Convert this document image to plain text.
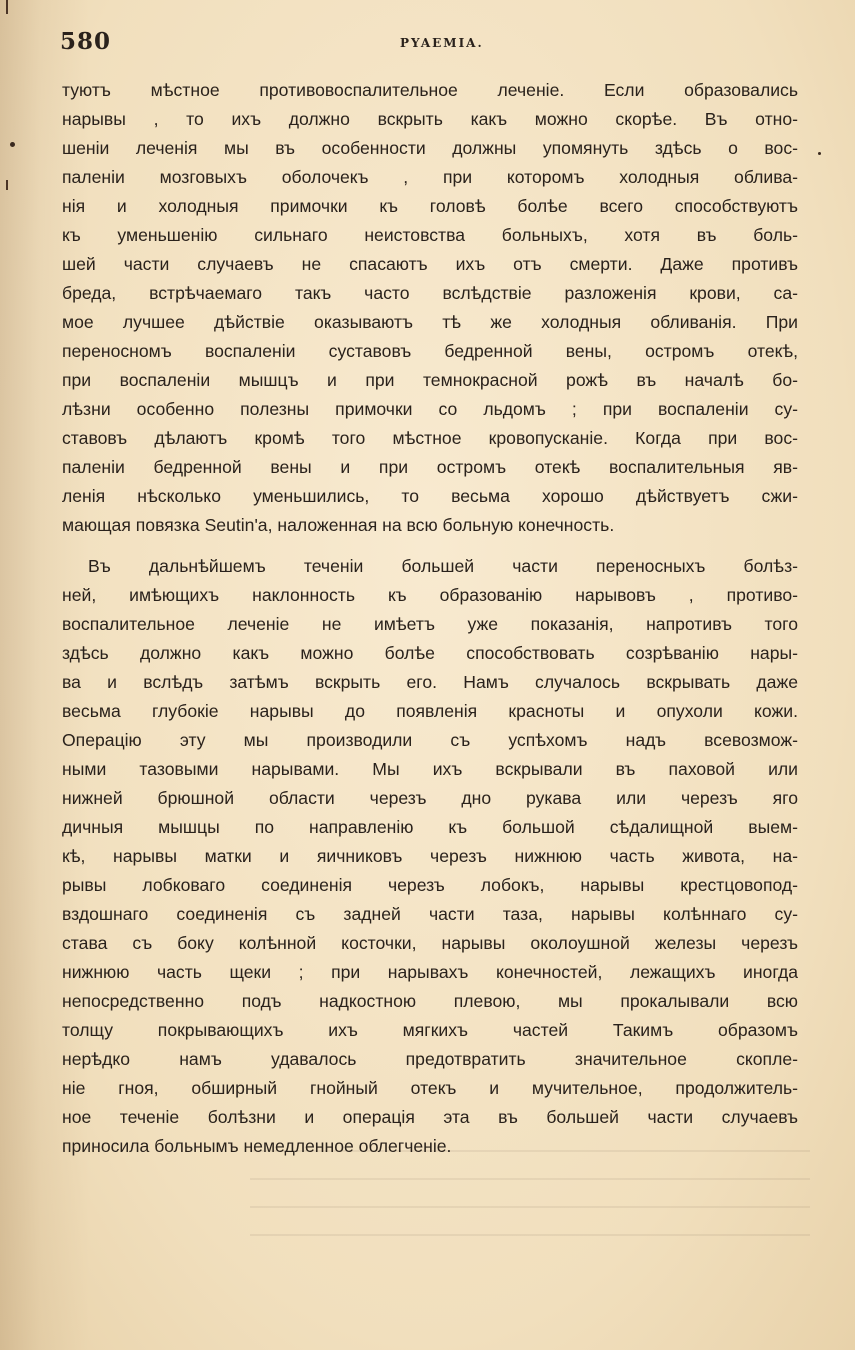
580	PYAEMIA.
туютъ мѣстное противовоспалительное леченіе. Если образовались
нарывы , то ихъ должно вскрыть какъ можно скорѣе. Въ отно-
шеніи леченія мы въ особенности должны упомянуть здѣсь о вос-
паленіи мозговыхъ оболочекъ , при которомъ холодныя облива-
нія и холодныя примочки къ головѣ болѣе всего способствуютъ
къ уменьшенію сильнаго неистовства больныхъ, хотя въ боль-
шей части случаевъ не спасаютъ ихъ отъ смерти. Даже противъ
бреда, встрѣчаемаго такъ часто вслѣдствіе разложенія крови, са-
мое лучшее дѣйствіе оказываютъ тѣ же холодныя обливанія. При
переносномъ воспаленіи суставовъ бедренной вены, остромъ отекѣ,
при воспаленіи мышцъ и при темнокрасной рожѣ въ началѣ бо-
лѣзни особенно полезны примочки со льдомъ ; при воспаленіи су-
ставовъ дѣлаютъ кромѣ того мѣстное кровопусканіе. Когда при вос-
паленіи бедренной вены и при остромъ отекѣ воспалительныя яв-
ленія нѣсколько уменьшились, то весьма хорошо дѣйствуетъ сжи-
мающая повязка Seutin'a, наложенная на всю больную конечность.
Въ дальнѣйшемъ теченіи большей части переносныхъ болѣз-
ней, имѣющихъ наклонность къ образованію нарывовъ , противо-
воспалительное леченіе не имѣетъ уже показанія, напротивъ того
здѣсь должно какъ можно болѣе способствовать созрѣванію нары-
ва и вслѣдъ затѣмъ вскрыть его. Намъ случалось вскрывать даже
весьма глубокіе нарывы до появленія красноты и опухоли кожи.
Операцію эту мы производили съ успѣхомъ надъ всевозмож-
ными тазовыми нарывами. Мы ихъ вскрывали въ паховой или
нижней брюшной области черезъ дно рукава или черезъ яго
дичныя мышцы по направленію къ большой сѣдалищной выем-
кѣ, нарывы матки и яичниковъ черезъ нижнюю часть живота, на-
рывы лобковаго соединенія черезъ лобокъ, нарывы крестцовопод-
вздошнаго соединенія съ задней части таза, нарывы колѣннаго су-
става съ боку колѣнной косточки, нарывы околоушной железы черезъ
нижнюю часть щеки ; при нарывахъ конечностей, лежащихъ иногда
непосредственно подъ надкостною плевою, мы прокалывали всю
толщу покрывающихъ ихъ мягкихъ частей Такимъ образомъ
нерѣдко намъ удавалось предотвратить значительное скопле-
ніе гноя, обширный гнойный отекъ и мучительное, продолжитель-
ное теченіе болѣзни и операція эта въ большей части случаевъ
приносила больнымъ немедленное облегченіе.
